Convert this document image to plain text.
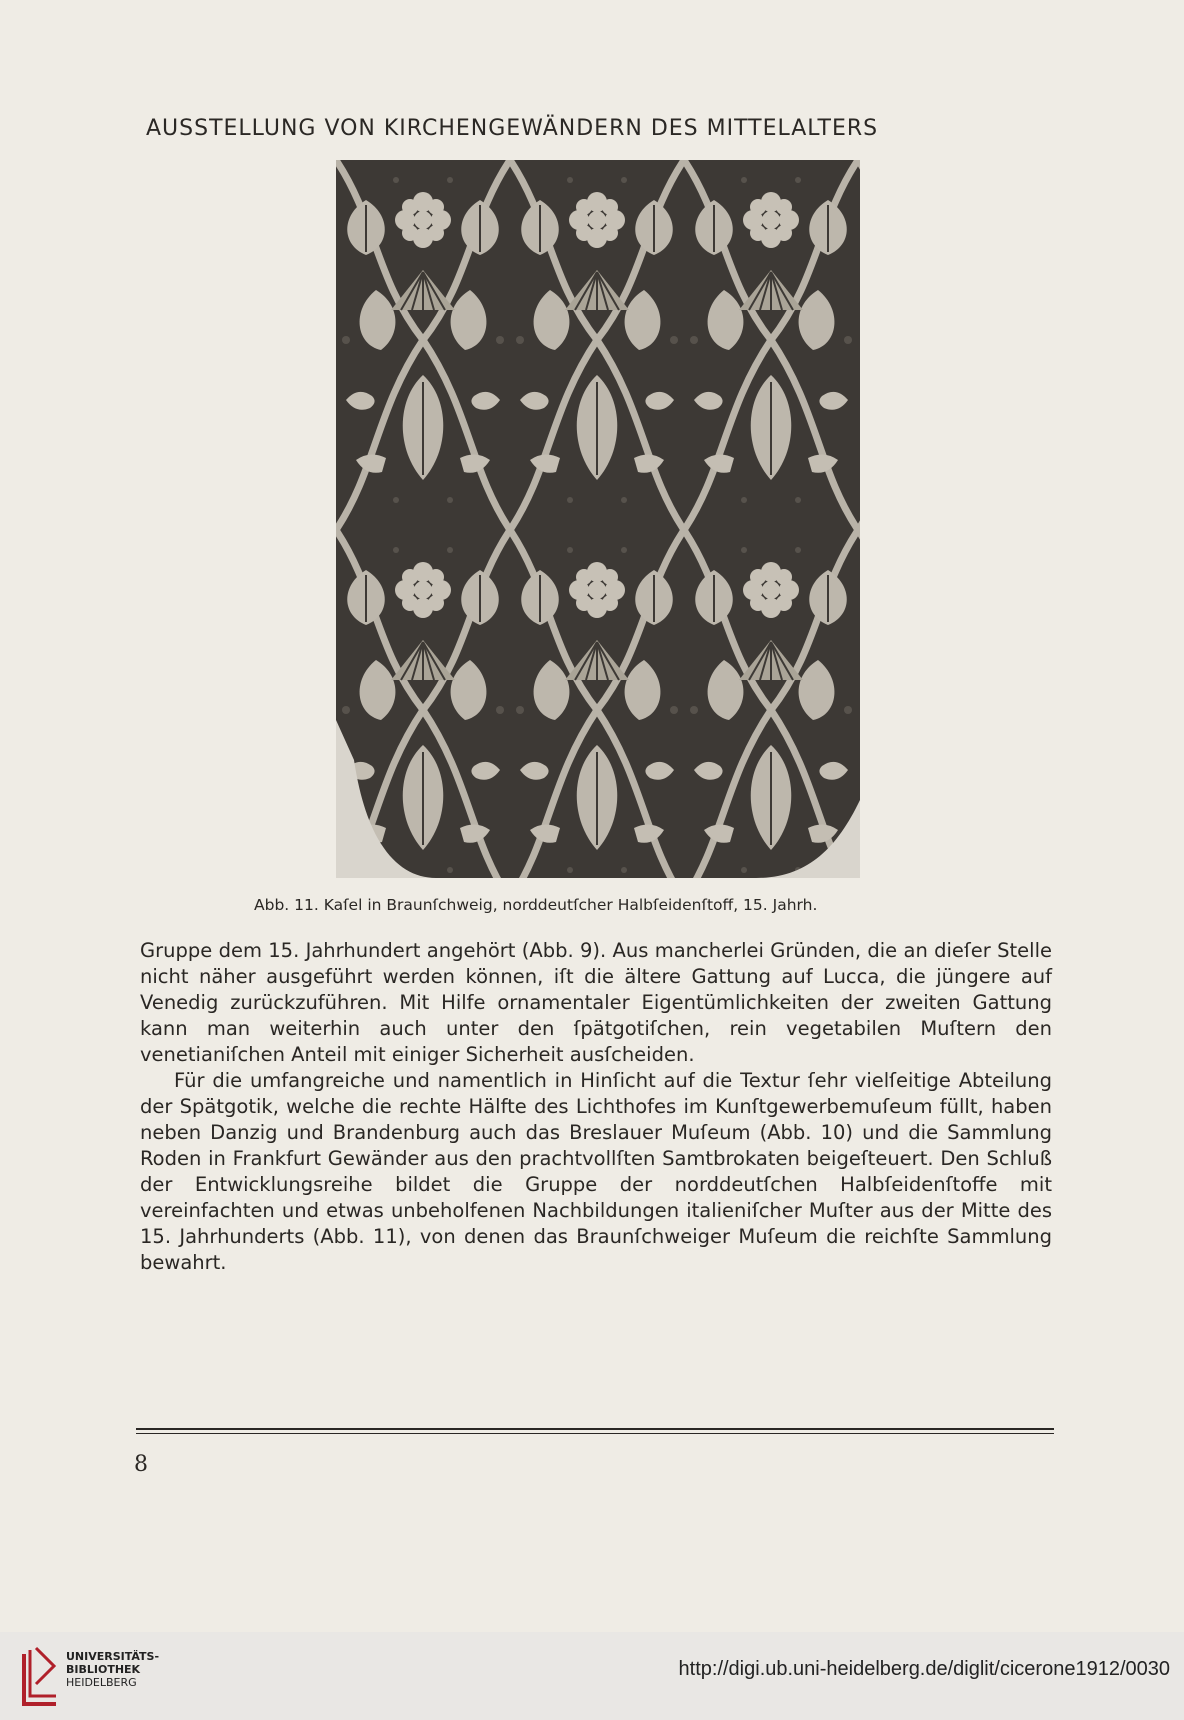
AUSSTELLUNG VON KIRCHENGEWÄNDERN DES MITTELALTERS
Abb. 11. Kaſel in Braunſchweig, norddeutſcher Halbſeidenſtoff, 15. Jahrh.

Gruppe dem 15. Jahrhundert angehört (Abb. 9). Aus mancherlei Gründen, die an dieſer Stelle nicht näher ausgeführt werden können, iſt die ältere Gattung auf Lucca, die jüngere auf Venedig zurückzuführen. Mit Hilfe ornamentaler Eigentümlichkeiten der zweiten Gattung kann man weiterhin auch unter den ſpätgotiſchen, rein vegetabilen Muſtern den venetianiſchen Anteil mit einiger Sicherheit ausſcheiden.

Für die umfangreiche und namentlich in Hinſicht auf die Textur ſehr vielſeitige Abteilung der Spätgotik, welche die rechte Hälfte des Lichthofes im Kunſtgewerbemuſeum füllt, haben neben Danzig und Brandenburg auch das Breslauer Muſeum (Abb. 10) und die Sammlung Roden in Frankfurt Gewänder aus den prachtvollſten Samtbrokaten beigeſteuert. Den Schluß der Entwicklungsreihe bildet die Gruppe der norddeutſchen Halbſeidenſtoffe mit vereinfachten und etwas unbeholfenen Nachbildungen italieniſcher Muſter aus der Mitte des 15. Jahrhunderts (Abb. 11), von denen das Braunſchweiger Muſeum die reichſte Sammlung bewahrt.

8
UNIVERSITÄTS-
BIBLIOTHEK
HEIDELBERG
http://digi.ub.uni-heidelberg.de/diglit/cicerone1912/0030
